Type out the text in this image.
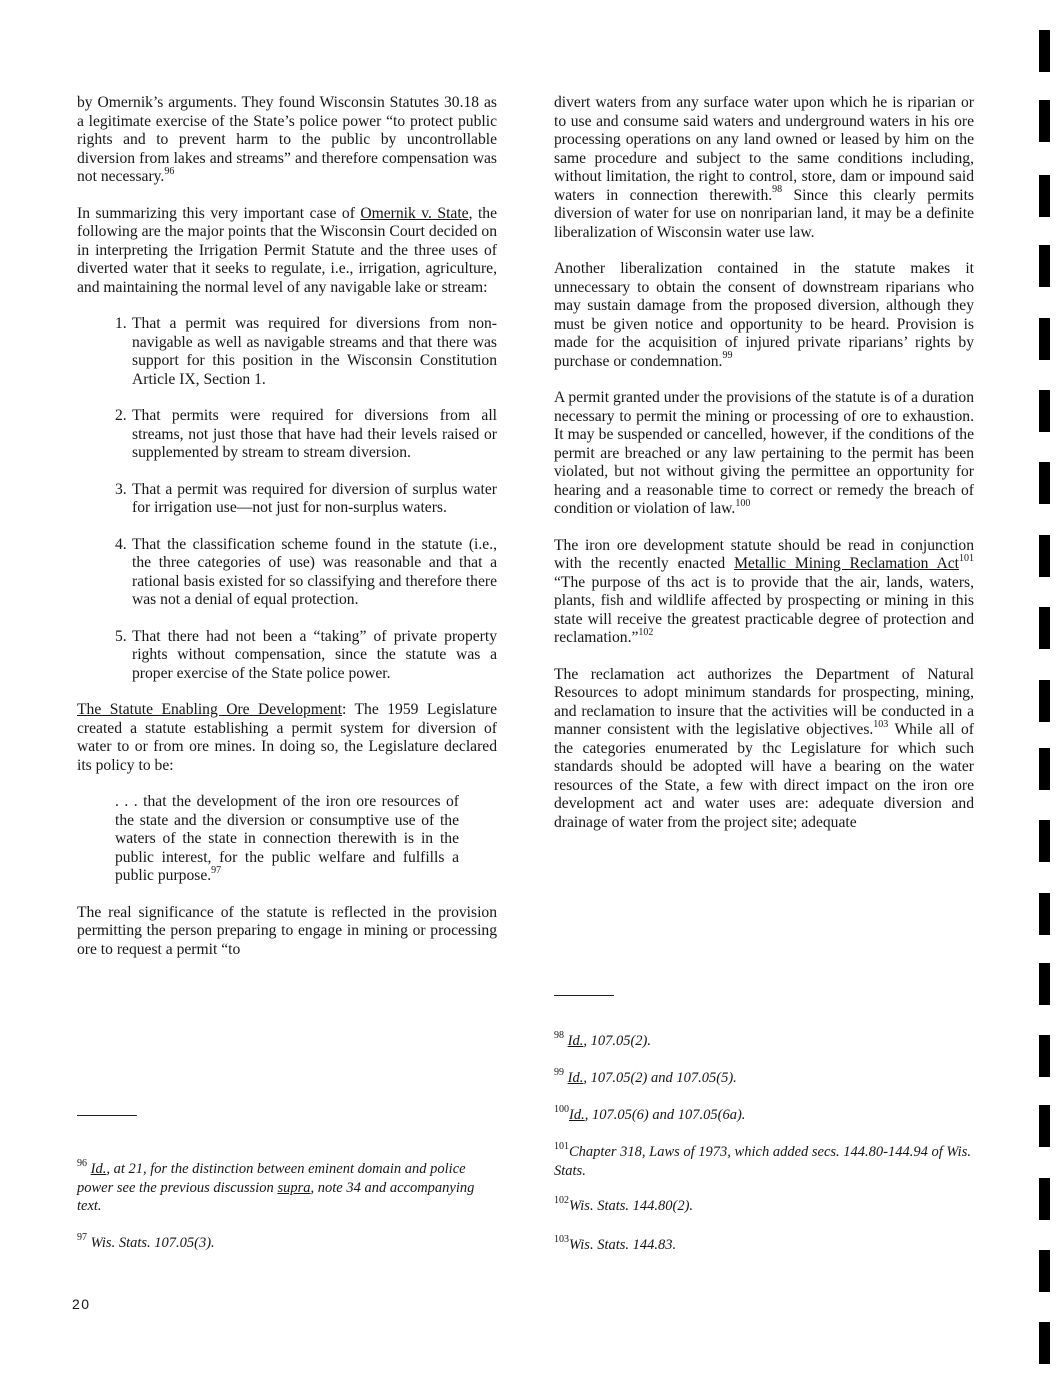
by Omernik’s arguments. They found Wisconsin Statutes 30.18 as a legitimate exercise of the State’s police power “to protect public rights and to prevent harm to the public by uncontrollable diversion from lakes and streams” and therefore compensation was not necessary.$^{96}$

In summarizing this very important case of Omernik v. State, the following are the major points that the Wisconsin Court decided on in interpreting the Irrigation Permit Statute and the three uses of diverted water that it seeks to regulate, i.e., irrigation, agriculture, and maintaining the normal level of any navigable lake or stream:

1. That a permit was required for diversions from non-navigable as well as navigable streams and that there was support for this position in the Wisconsin Constitution Article IX, Section 1.
2. That permits were required for diversions from all streams, not just those that have had their levels raised or supplemented by stream to stream diversion.
3. That a permit was required for diversion of surplus water for irrigation use—not just for non-surplus waters.
4. That the classification scheme found in the statute (i.e., the three categories of use) was reasonable and that a rational basis existed for so classifying and therefore there was not a denial of equal protection.
5. That there had not been a “taking” of private property rights without compensation, since the statute was a proper exercise of the State police power.

The Statute Enabling Ore Development: The 1959 Legislature created a statute establishing a permit system for diversion of water to or from ore mines. In doing so, the Legislature declared its policy to be:

. . . that the development of the iron ore resources of the state and the diversion or consumptive use of the waters of the state in connection therewith is in the public interest, for the public welfare and fulfills a public purpose.$^{97}$

The real significance of the statute is reflected in the provision permitting the person preparing to engage in mining or processing ore to request a permit “to

divert waters from any surface water upon which he is riparian or to use and consume said waters and underground waters in his ore processing operations on any land owned or leased by him on the same procedure and subject to the same conditions including, without limitation, the right to control, store, dam or impound said waters in connection therewith.$^{98}$ Since this clearly permits diversion of water for use on nonriparian land, it may be a definite liberalization of Wisconsin water use law.

Another liberalization contained in the statute makes it unnecessary to obtain the consent of downstream riparians who may sustain damage from the proposed diversion, although they must be given notice and opportunity to be heard. Provision is made for the acquisition of injured private riparians’ rights by purchase or condemnation.$^{99}$

A permit granted under the provisions of the statute is of a duration necessary to permit the mining or processing of ore to exhaustion. It may be suspended or cancelled, however, if the conditions of the permit are breached or any law pertaining to the permit has been violated, but not without giving the permittee an opportunity for hearing and a reasonable time to correct or remedy the breach of condition or violation of law.$^{100}$

The iron ore development statute should be read in conjunction with the recently enacted Metallic Mining Reclamation Act$^{101}$ “The purpose of ths act is to provide that the air, lands, waters, plants, fish and wildlife affected by prospecting or mining in this state will receive the greatest practicable degree of protection and reclamation.”$^{102}$

The reclamation act authorizes the Department of Natural Resources to adopt minimum standards for prospecting, mining, and reclamation to insure that the activities will be conducted in a manner consistent with the legislative objectives.$^{103}$ While all of the categories enumerated by thc Legislature for which such standards should be adopted will have a bearing on the water resources of the State, a few with direct impact on the iron ore development act and water uses are: adequate diversion and drainage of water from the project site; adequate

$^{96}$ Id., at 21, for the distinction between eminent domain and police power see the previous discussion supra, note 34 and accompanying text.
$^{97}$ Wis. Stats. 107.05(3).
$^{98}$ Id., 107.05(2).
$^{99}$ Id., 107.05(2) and 107.05(5).
$^{100}$Id., 107.05(6) and 107.05(6a).
$^{101}$Chapter 318, Laws of 1973, which added secs. 144.80-144.94 of Wis. Stats.
$^{102}$Wis. Stats. 144.80(2).
$^{103}$Wis. Stats. 144.83.
20
